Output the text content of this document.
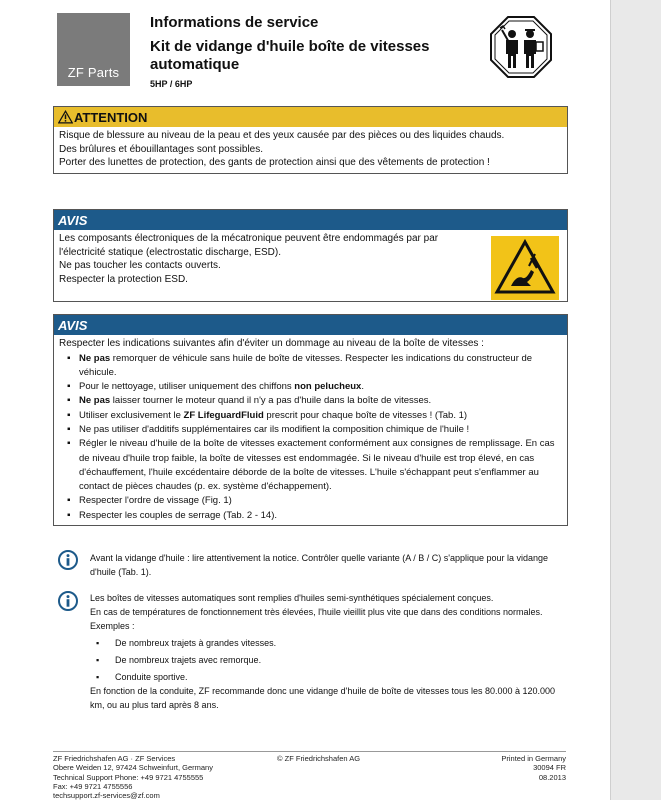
ZF Parts
Informations de service
Kit de vidange d'huile boîte de vitesses automatique
5HP / 6HP
ATTENTION
Risque de blessure au niveau de la peau et des yeux causée par des pièces ou des liquides chauds.
Des brûlures et ébouillantages sont possibles.
Porter des lunettes de protection, des gants de protection ainsi que des vêtements de protection !
AVIS
Les composants électroniques de la mécatronique peuvent être endommagés par par l'électricité statique (electrostatic discharge, ESD).
Ne pas toucher les contacts ouverts.
Respecter la protection ESD.
AVIS
Respecter les indications suivantes afin d'éviter un dommage au niveau de la boîte de vitesses :
▪ Ne pas remorquer de véhicule sans huile de boîte de vitesses. Respecter les indications du constructeur de véhicule.
▪ Pour le nettoyage, utiliser uniquement des chiffons non pelucheux.
▪ Ne pas laisser tourner le moteur quand il n'y a pas d'huile dans la boîte de vitesses.
▪ Utiliser exclusivement le ZF LifeguardFluid prescrit pour chaque boîte de vitesses ! (Tab. 1)
▪ Ne pas utiliser d'additifs supplémentaires car ils modifient la composition chimique de l'huile !
▪ Régler le niveau d'huile de la boîte de vitesses exactement conformément aux consignes de remplissage. En cas de niveau d'huile trop faible, la boîte de vitesses est endommagée. Si le niveau d'huile est trop élevé, en cas d'échauffement, l'huile excédentaire déborde de la boîte de vitesses. L'huile s'échappant peut s'enflammer au contact de pièces chaudes (p. ex. système d'échappement).
▪ Respecter l'ordre de vissage (Fig. 1)
▪ Respecter les couples de serrage (Tab. 2 - 14).
Avant la vidange d'huile : lire attentivement la notice. Contrôler quelle variante (A / B / C) s'applique pour la vidange d'huile (Tab. 1).
Les boîtes de vitesses automatiques sont remplies d'huiles semi-synthétiques spécialement conçues.
En cas de températures de fonctionnement très élevées, l'huile vieillit plus vite que dans des conditions normales.
Exemples :
▪ De nombreux trajets à grandes vitesses.
▪ De nombreux trajets avec remorque.
▪ Conduite sportive.
En fonction de la conduite, ZF recommande donc une vidange d'huile de boîte de vitesses tous les 80.000 à 120.000 km, ou au plus tard après 8 ans.
ZF Friedrichshafen AG · ZF Services
Obere Weiden 12, 97424 Schweinfurt, Germany
Technical Support Phone: +49 9721 4755555
Fax: +49 9721 4755556
techsupport.zf-services@zf.com
© ZF Friedrichshafen AG	Printed in Germany
30094 FR
08.2013
